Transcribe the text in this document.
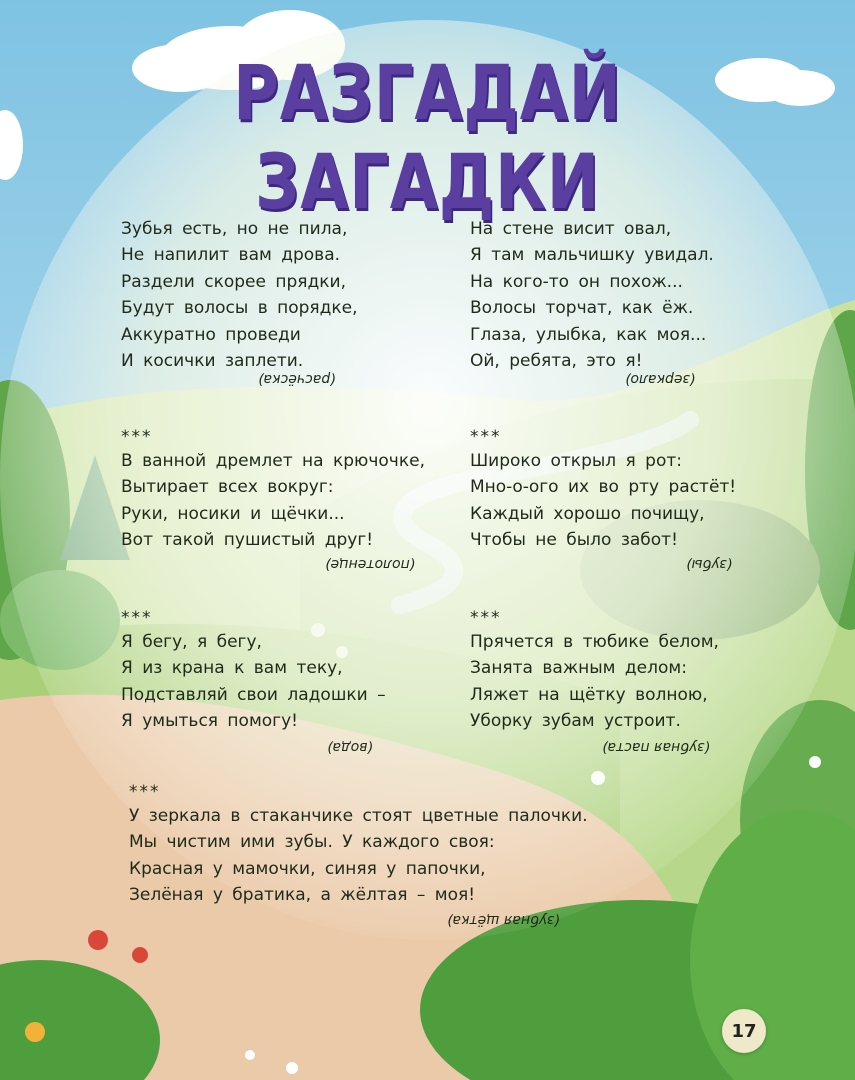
РАЗГАДАЙ ЗАГАДКИ
Зубья есть, но не пила,
Не напилит вам дрова.
Раздели скорее прядки,
Будут волосы в порядке,
Аккуратно проведи
И косички заплети.
(расчёска)
На стене висит овал,
Я там мальчишку увидал.
На кого-то он похож...
Волосы торчат, как ёж.
Глаза, улыбка, как моя...
Ой, ребята, это я!
(зеркало)
***
В ванной дремлет на крючочке,
Вытирает всех вокруг:
Руки, носики и щёчки...
Вот такой пушистый друг!
(полотенце)
***
Широко открыл я рот:
Мно-о-ого их во рту растёт!
Каждый хорошо почищу,
Чтобы не было забот!
(зубы)
***
Я бегу, я бегу,
Я из крана к вам теку,
Подставляй свои ладошки –
Я умыться помогу!
(вода)
***
Прячется в тюбике белом,
Занята важным делом:
Ляжет на щётку волною,
Уборку зубам устроит.
(зубная паста)
***
У зеркала в стаканчике стоят цветные палочки.
Мы чистим ими зубы. У каждого своя:
Красная у мамочки, синяя у папочки,
Зелёная у братика, а жёлтая – моя!
(зубная щётка)
17
